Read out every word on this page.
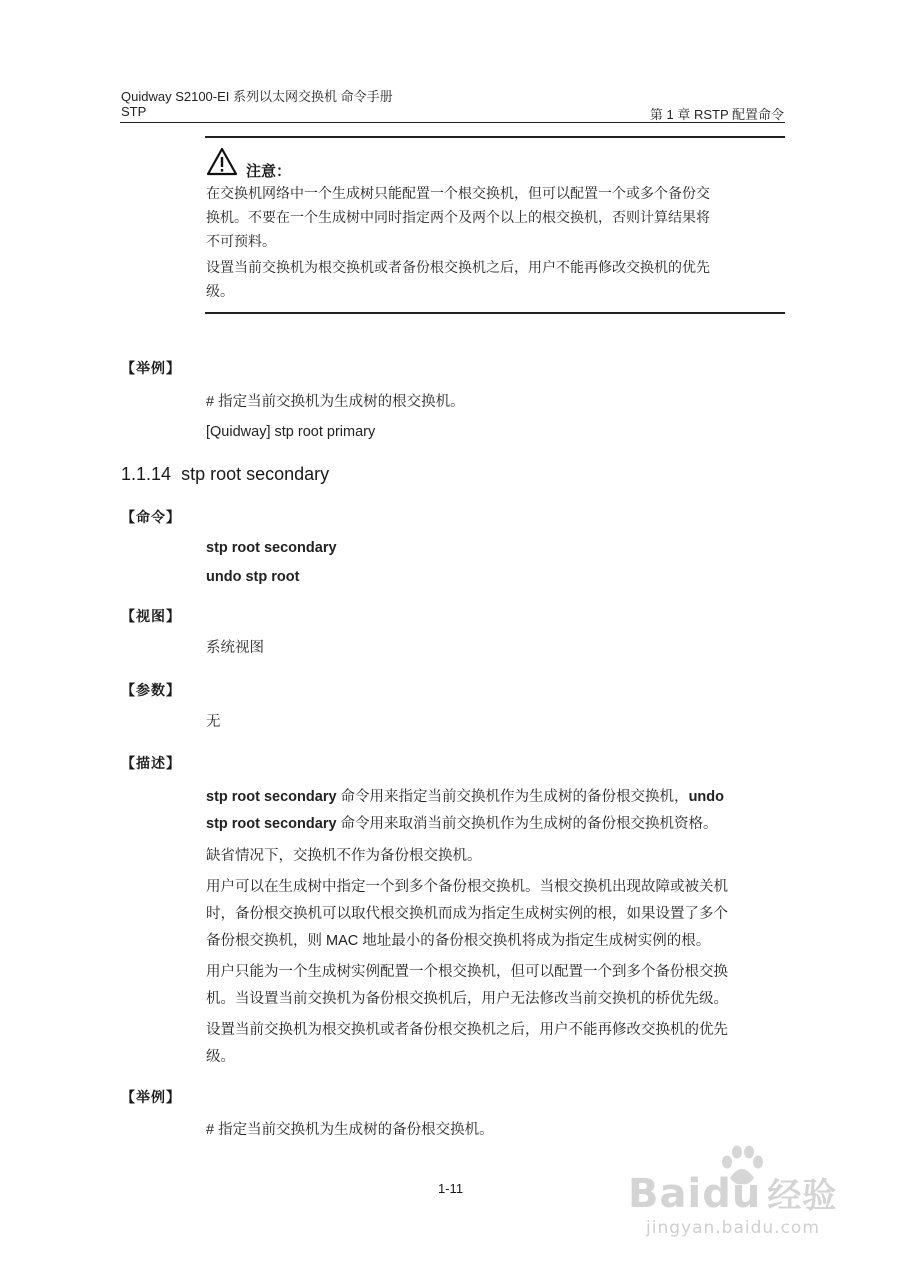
Quidway S2100-EI 系列以太网交换机 命令手册
STP	第 1 章 RSTP 配置命令
注意：
在交换机网络中一个生成树只能配置一个根交换机，但可以配置一个或多个备份交
换机。不要在一个生成树中同时指定两个及两个以上的根交换机，否则计算结果将
不可预料。
设置当前交换机为根交换机或者备份根交换机之后，用户不能再修改交换机的优先
级。
【举例】
# 指定当前交换机为生成树的根交换机。
[Quidway] stp root primary
1.1.14 stp root secondary
【命令】
stp root secondary
undo stp root
【视图】
系统视图
【参数】
无
【描述】
stp root secondary 命令用来指定当前交换机作为生成树的备份根交换机，undo
stp root secondary 命令用来取消当前交换机作为生成树的备份根交换机资格。
缺省情况下，交换机不作为备份根交换机。
用户可以在生成树中指定一个到多个备份根交换机。当根交换机出现故障或被关机
时，备份根交换机可以取代根交换机而成为指定生成树实例的根，如果设置了多个
备份根交换机，则 MAC 地址最小的备份根交换机将成为指定生成树实例的根。
用户只能为一个生成树实例配置一个根交换机，但可以配置一个到多个备份根交换
机。当设置当前交换机为备份根交换机后，用户无法修改当前交换机的桥优先级。
设置当前交换机为根交换机或者备份根交换机之后，用户不能再修改交换机的优先
级。
【举例】
# 指定当前交换机为生成树的备份根交换机。
1-11	Baidu 经验
jingyan.baidu.com
